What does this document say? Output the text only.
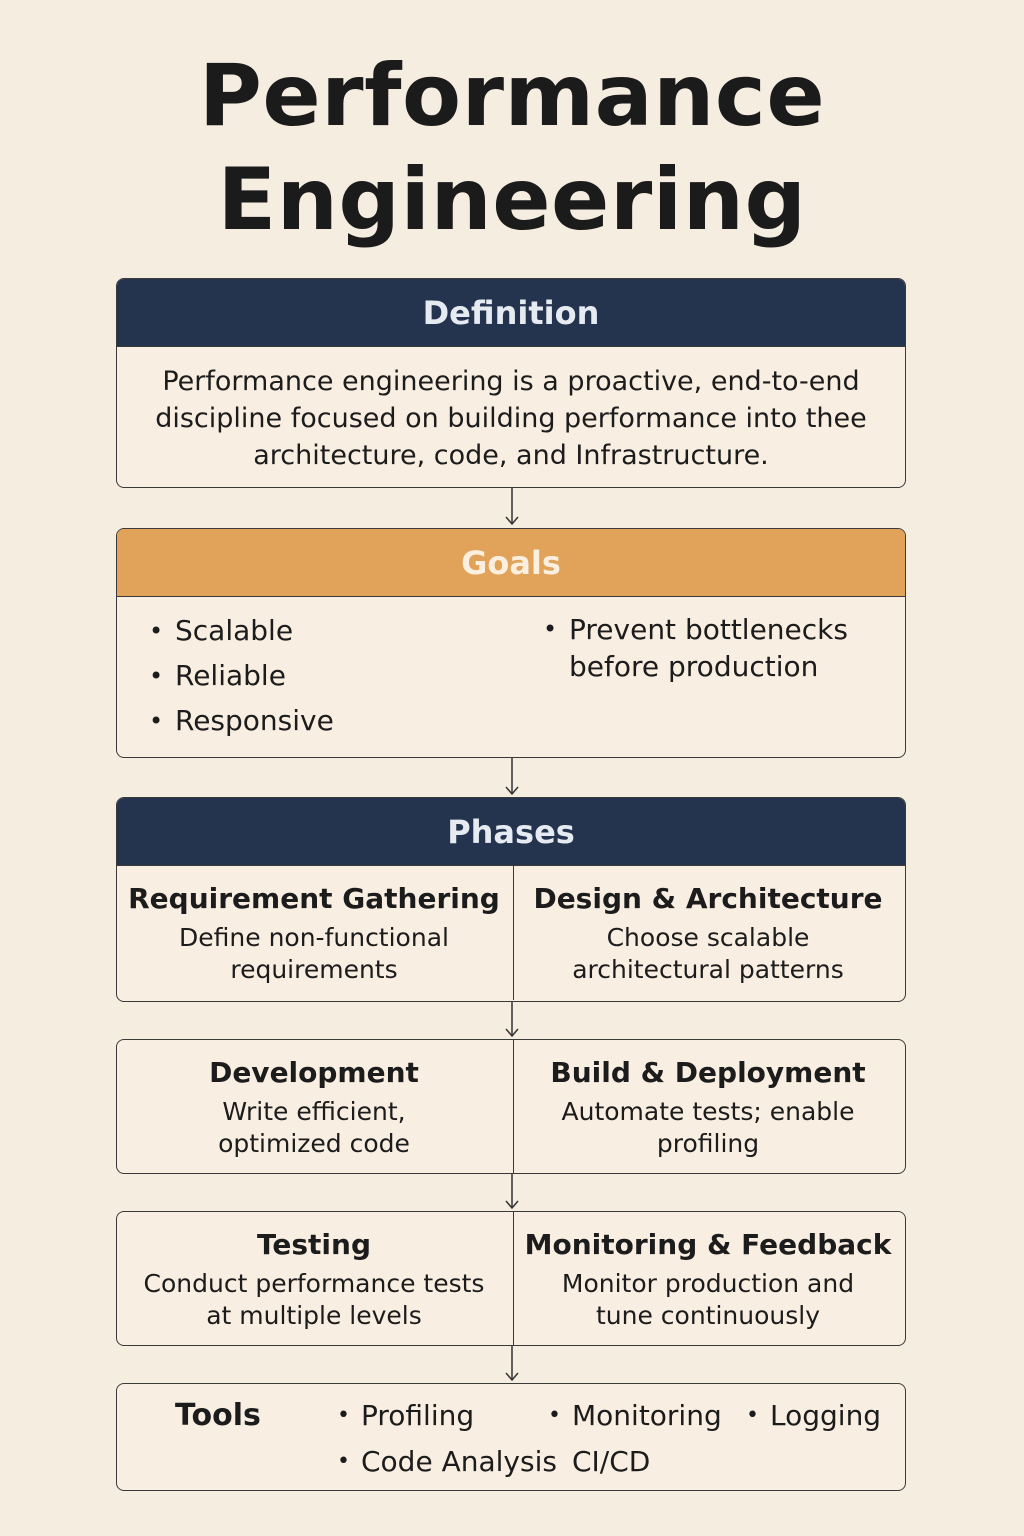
Performance
Engineering
Definition
Performance engineering is a proactive, end-to-end
discipline focused on building performance into thee
architecture, code, and Infrastructure.
Goals
• Scalable
• Reliable
• Responsive
• Prevent bottlenecks
before production
Phases
Requirement Gathering
Define non-functional
requirements
Design & Architecture
Choose scalable
architectural patterns
Development
Write efficient,
optimized code
Build & Deployment
Automate tests; enable
profiling
Testing
Conduct performance tests
at multiple levels
Monitoring & Feedback
Monitor production and
tune continuously
Tools	• Profiling	• Monitoring • Logging
• Code Analysis CI/CD
